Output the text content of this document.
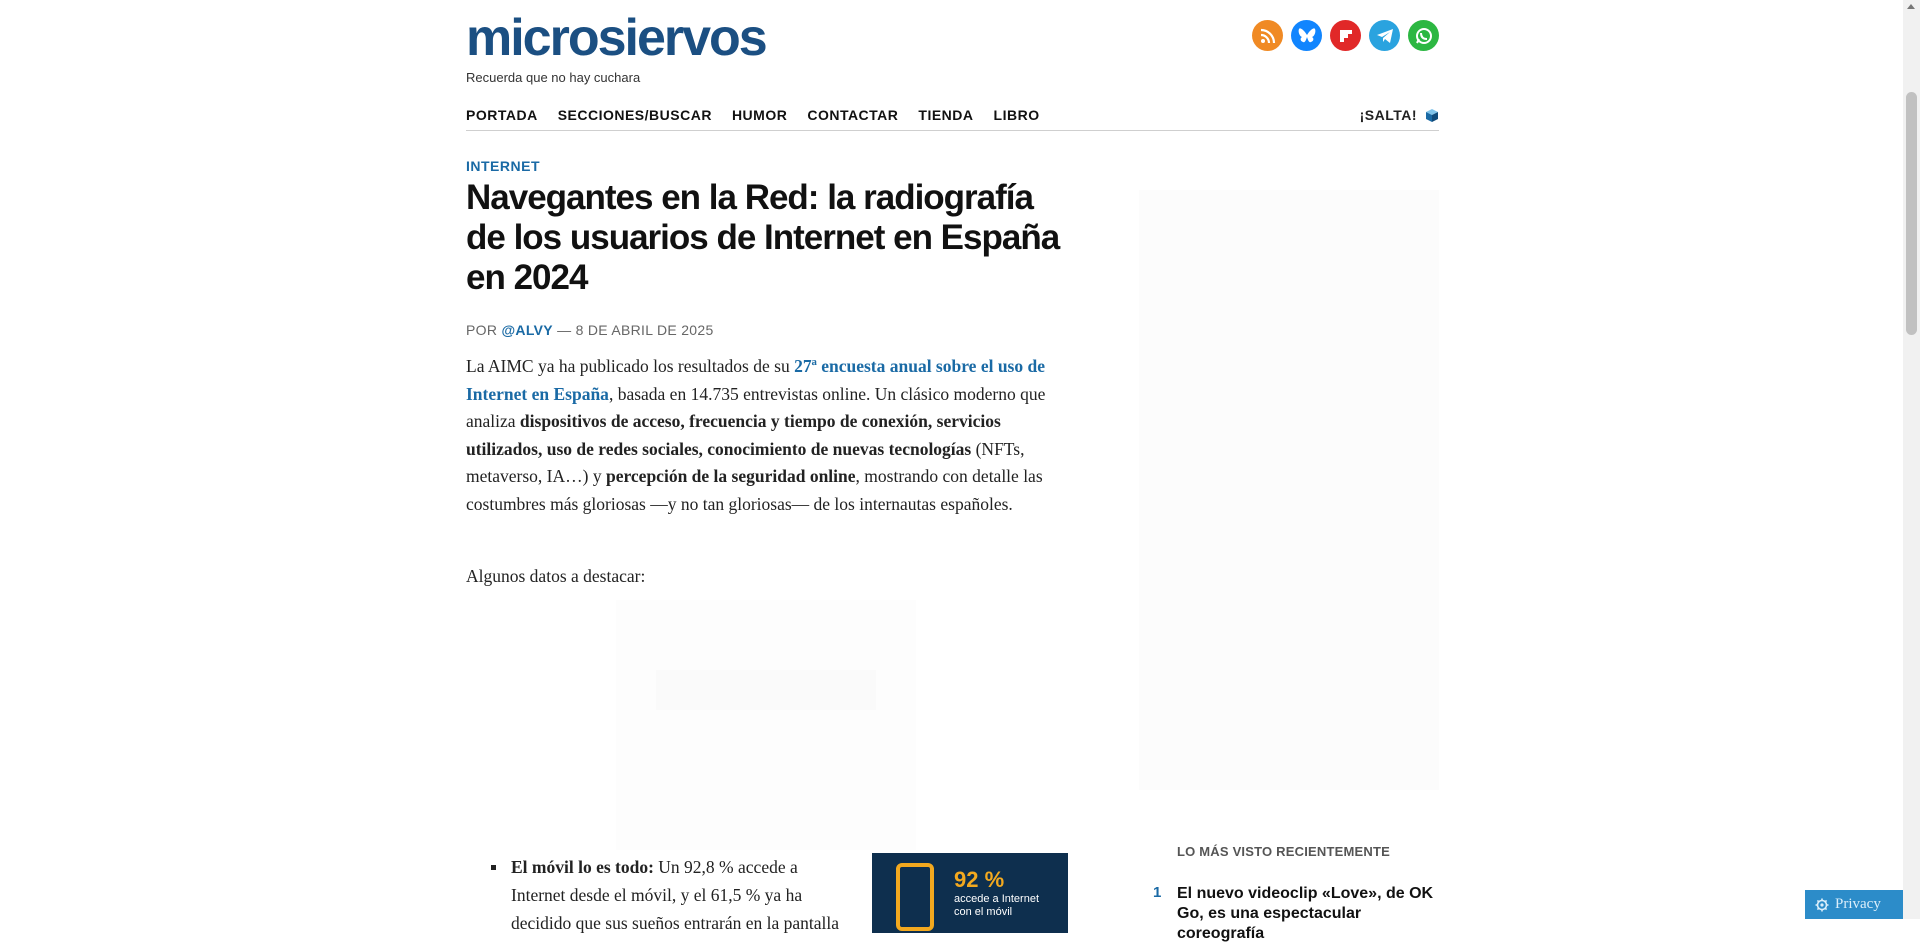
microsiervos
Recuerda que no hay cuchara
PORTADA SECCIONES/BUSCAR HUMOR CONTACTAR TIENDA LIBRO	¡SALTA!
INTERNET
Navegantes en la Red: la radiografía de los usuarios de Internet en España en 2024
POR @ALVY — 8 DE ABRIL DE 2025

La AIMC ya ha publicado los resultados de su 27ª encuesta anual sobre el uso de Internet en España, basada en 14.735 entrevistas online. Un clásico moderno que analiza dispositivos de acceso, frecuencia y tiempo de conexión, servicios utilizados, uso de redes sociales, conocimiento de nuevas tecnologías (NFTs, metaverso, IA…) y percepción de la seguridad online, mostrando con detalle las costumbres más gloriosas —y no tan gloriosas— de los internautas españoles.

Algunos datos a destacar:

El móvil lo es todo: Un 92,8 % accede a Internet desde el móvil, y el 61,5 % ya ha decidido que sus sueños entrarán en la pantalla
92 %
accede a Internet con el móvil
LO MÁS VISTO RECIENTEMENTE
1 El nuevo videoclip «Love», de OK Go, es una espectacular coreografía
Privacy
